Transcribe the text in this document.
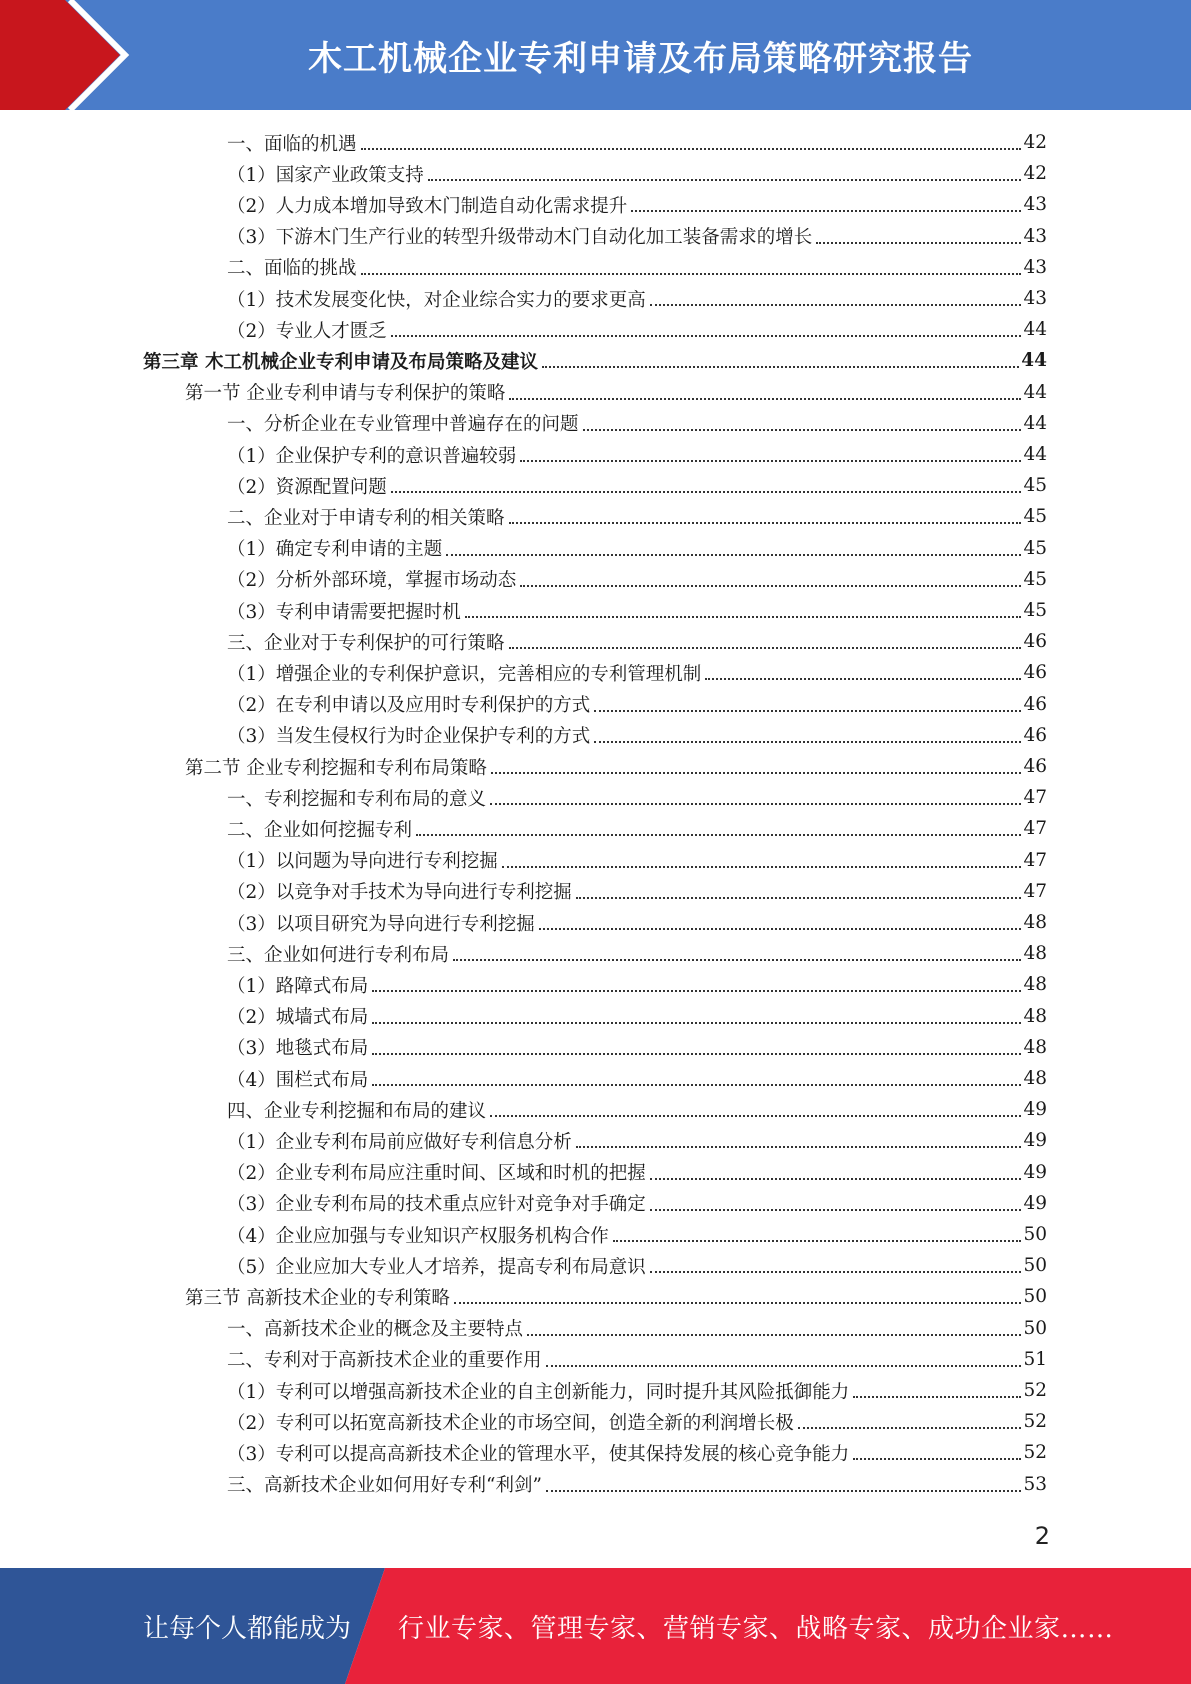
木工机械企业专利申请及布局策略研究报告
一、面临的机遇	42
（1）国家产业政策支持	42
（2）人力成本增加导致木门制造自动化需求提升	43
（3）下游木门生产行业的转型升级带动木门自动化加工装备需求的增长	43
二、面临的挑战	43
（1）技术发展变化快，对企业综合实力的要求更高	43
（2）专业人才匮乏	44
第三章 木工机械企业专利申请及布局策略及建议	44
第一节 企业专利申请与专利保护的策略	44
一、分析企业在专业管理中普遍存在的问题	44
（1）企业保护专利的意识普遍较弱	44
（2）资源配置问题	45
二、企业对于申请专利的相关策略	45
（1）确定专利申请的主题	45
（2）分析外部环境，掌握市场动态	45
（3）专利申请需要把握时机	45
三、企业对于专利保护的可行策略	46
（1）增强企业的专利保护意识，完善相应的专利管理机制	46
（2）在专利申请以及应用时专利保护的方式	46
（3）当发生侵权行为时企业保护专利的方式	46
第二节 企业专利挖掘和专利布局策略	46
一、专利挖掘和专利布局的意义	47
二、企业如何挖掘专利	47
（1）以问题为导向进行专利挖掘	47
（2）以竞争对手技术为导向进行专利挖掘	47
（3）以项目研究为导向进行专利挖掘	48
三、企业如何进行专利布局	48
（1）路障式布局	48
（2）城墙式布局	48
（3）地毯式布局	48
（4）围栏式布局	48
四、企业专利挖掘和布局的建议	49
（1）企业专利布局前应做好专利信息分析	49
（2）企业专利布局应注重时间、区域和时机的把握	49
（3）企业专利布局的技术重点应针对竞争对手确定	49
（4）企业应加强与专业知识产权服务机构合作	50
（5）企业应加大专业人才培养，提高专利布局意识	50
第三节 高新技术企业的专利策略	50
一、高新技术企业的概念及主要特点	50
二、专利对于高新技术企业的重要作用	51
（1）专利可以增强高新技术企业的自主创新能力，同时提升其风险抵御能力	52
（2）专利可以拓宽高新技术企业的市场空间，创造全新的利润增长极	52
（3）专利可以提高高新技术企业的管理水平，使其保持发展的核心竞争能力	52
三、高新技术企业如何用好专利“利剑”	53
2
让每个人都能成为 行业专家、管理专家、营销专家、战略专家、成功企业家……
